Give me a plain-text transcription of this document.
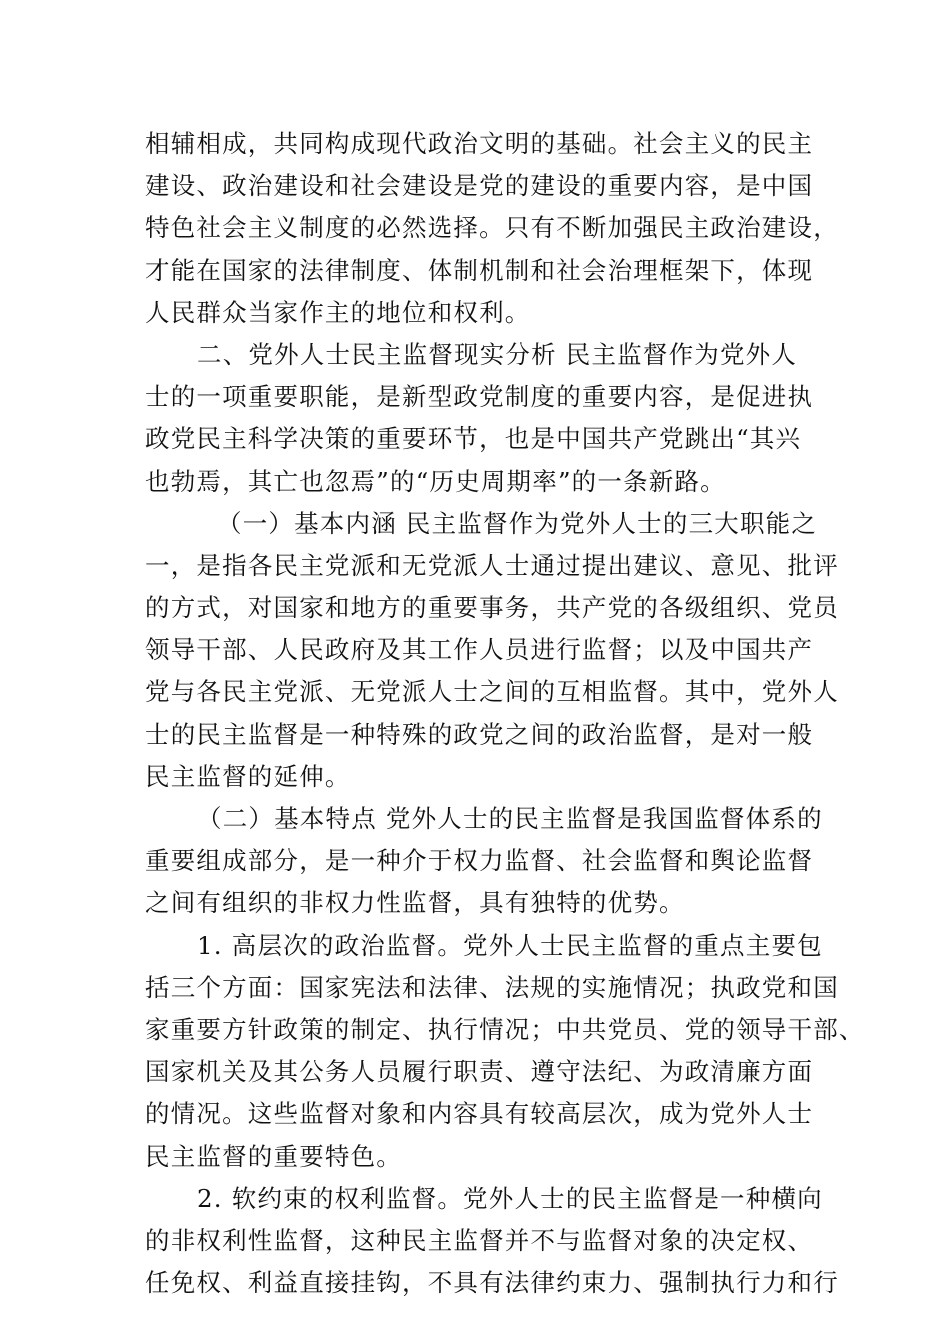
相辅相成，共同构成现代政治文明的基础。社会主义的民主
建设、政治建设和社会建设是党的建设的重要内容，是中国
特色社会主义制度的必然选择。只有不断加强民主政治建设，
才能在国家的法律制度、体制机制和社会治理框架下，体现
人民群众当家作主的地位和权利。
二、党外人士民主监督现实分析 民主监督作为党外人
士的一项重要职能，是新型政党制度的重要内容，是促进执
政党民主科学决策的重要环节，也是中国共产党跳出“其兴
也勃焉，其亡也忽焉”的“历史周期率”的一条新路。
（一）基本内涵 民主监督作为党外人士的三大职能之
一，是指各民主党派和无党派人士通过提出建议、意见、批评
的方式，对国家和地方的重要事务，共产党的各级组织、党员
领导干部、人民政府及其工作人员进行监督；以及中国共产
党与各民主党派、无党派人士之间的互相监督。其中，党外人
士的民主监督是一种特殊的政党之间的政治监督，是对一般
民主监督的延伸。
（二）基本特点 党外人士的民主监督是我国监督体系的
重要组成部分，是一种介于权力监督、社会监督和舆论监督
之间有组织的非权力性监督，具有独特的优势。
1. 高层次的政治监督。党外人士民主监督的重点主要包
括三个方面：国家宪法和法律、法规的实施情况；执政党和国
家重要方针政策的制定、执行情况；中共党员、党的领导干部、
国家机关及其公务人员履行职责、遵守法纪、为政清廉方面
的情况。这些监督对象和内容具有较高层次，成为党外人士
民主监督的重要特色。
2. 软约束的权利监督。党外人士的民主监督是一种横向
的非权利性监督，这种民主监督并不与监督对象的决定权、
任免权、利益直接挂钩，不具有法律约束力、强制执行力和行
